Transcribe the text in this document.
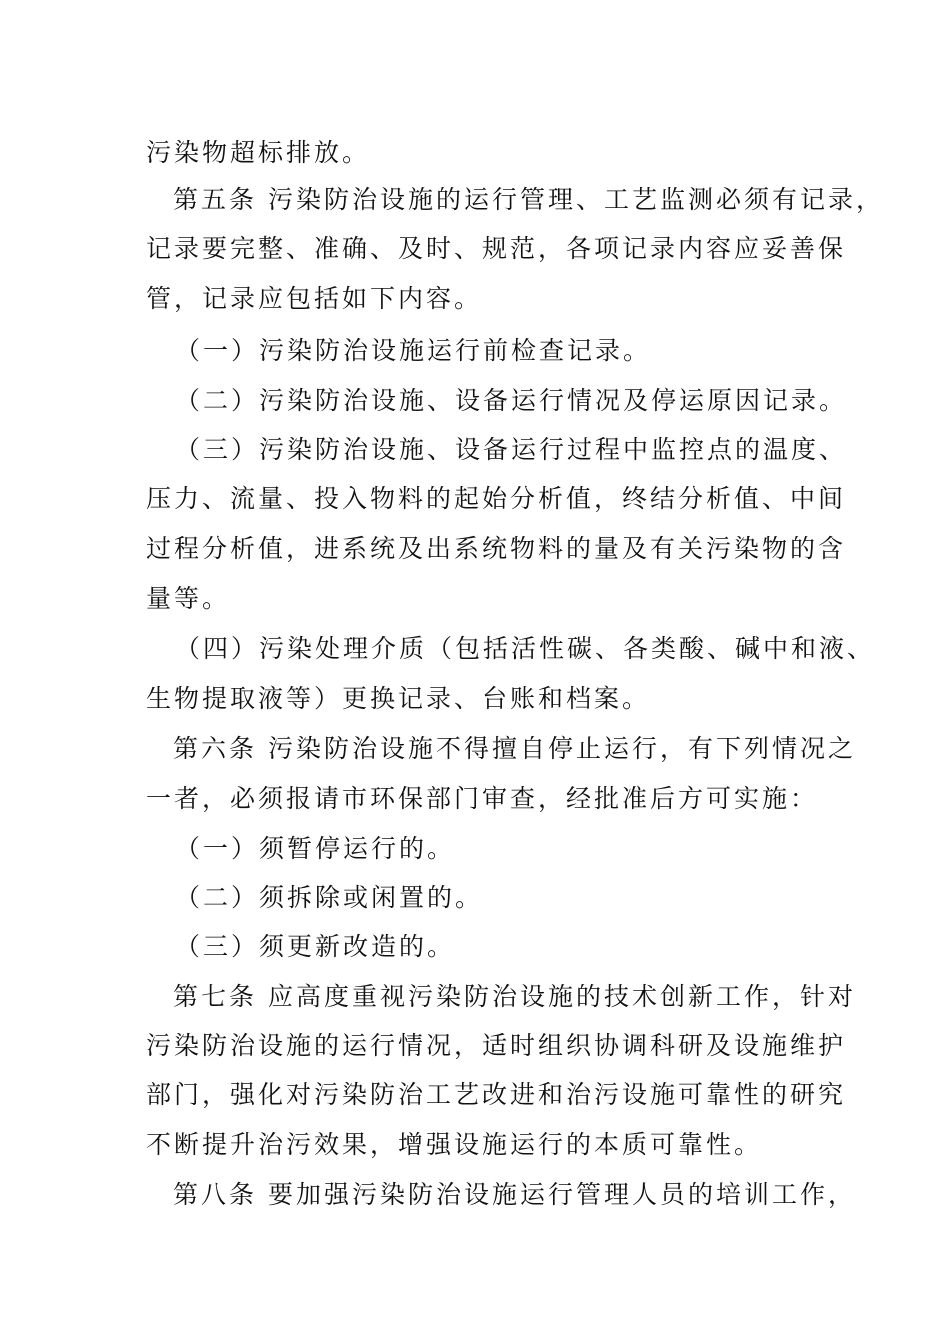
污染物超标排放。
第五条 污染防治设施的运行管理、工艺监测必须有记录，
记录要完整、准确、及时、规范，各项记录内容应妥善保
管，记录应包括如下内容。
（一）污染防治设施运行前检查记录。
（二）污染防治设施、设备运行情况及停运原因记录。
（三）污染防治设施、设备运行过程中监控点的温度、
压力、流量、投入物料的起始分析值，终结分析值、中间
过程分析值，进系统及出系统物料的量及有关污染物的含
量等。
（四）污染处理介质（包括活性碳、各类酸、碱中和液、
生物提取液等）更换记录、台账和档案。
第六条 污染防治设施不得擅自停止运行，有下列情况之
一者，必须报请市环保部门审查，经批准后方可实施：
（一）须暂停运行的。
（二）须拆除或闲置的。
（三）须更新改造的。
第七条 应高度重视污染防治设施的技术创新工作，针对
污染防治设施的运行情况，适时组织协调科研及设施维护
部门，强化对污染防治工艺改进和治污设施可靠性的研究
不断提升治污效果，增强设施运行的本质可靠性。
第八条 要加强污染防治设施运行管理人员的培训工作，
